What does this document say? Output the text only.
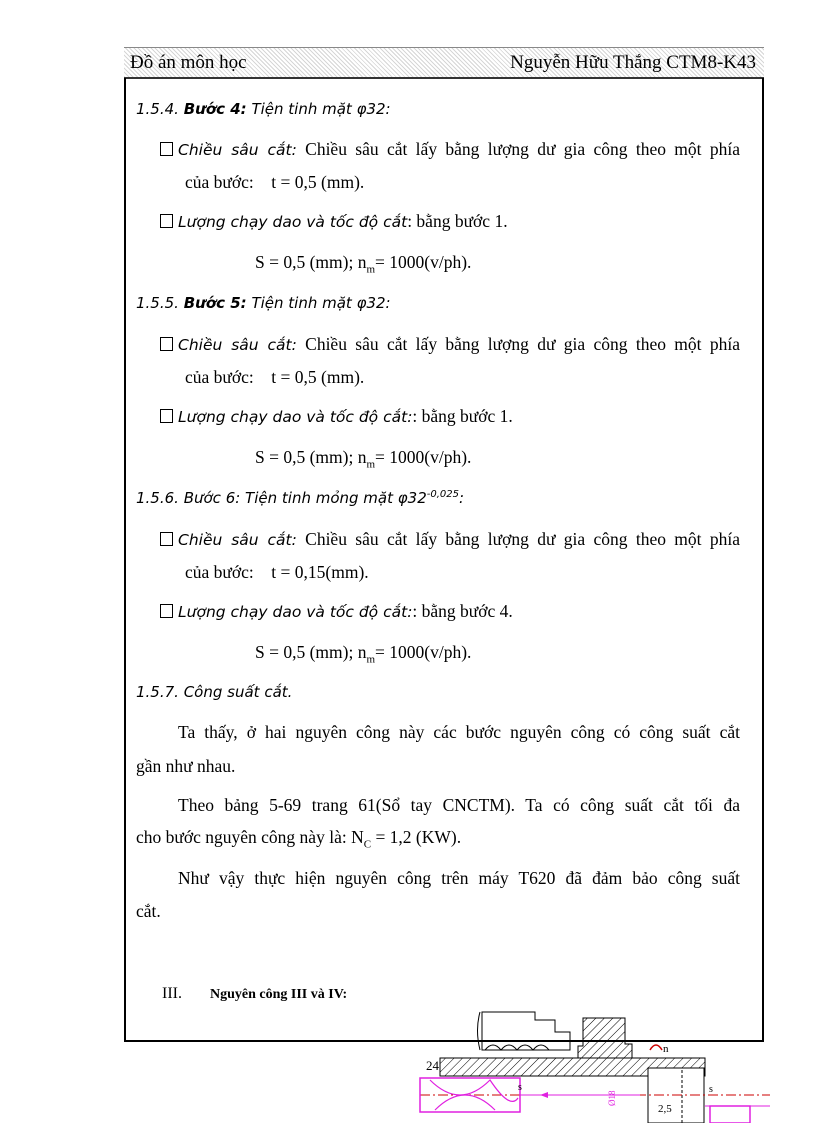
Đồ án môn học	Nguyễn Hữu Thắng CTM8-K43
1.5.4. Bước 4: Tiện tinh mặt φ32:
Chiều sâu cắt: Chiều sâu cắt lấy bằng lượng dư gia công theo một phía
của bước: t = 0,5 (mm).
Lượng chạy dao và tốc độ cắt: bằng bước 1.
S = 0,5 (mm); $n_m= 1000(v/ph)$.
1.5.5. Bước 5: Tiện tinh mặt φ32:
Chiều sâu cắt: Chiều sâu cắt lấy bằng lượng dư gia công theo một phía
của bước: t = 0,5 (mm).
Lượng chạy dao và tốc độ cắt:: bằng bước 1.
S = 0,5 (mm); $n_m= 1000(v/ph)$.
1.5.6. Bước 6: Tiện tinh mỏng mặt $\varphi 32^{-0,025}$:
Chiều sâu cắt: Chiều sâu cắt lấy bằng lượng dư gia công theo một phía
của bước: t = 0,15(mm).
Lượng chạy dao và tốc độ cắt:: bằng bước 4.
S = 0,5 (mm); $n_m= 1000(v/ph)$.
1.5.7. Công suất cắt.
Ta thấy, ở hai nguyên công này các bước nguyên công có công suất cắt
gần như nhau.
Theo bảng 5-69 trang 61(Sổ tay CNCTM). Ta có công suất cắt tối đa
cho bước nguyên công này là: $N_C = 1,2$ (KW).
Như vậy thực hiện nguyên công trên máy T620 đã đảm bảo công suất
cắt.
III. Nguyên công III và IV:
24
n
s	s
2,5
Ø18
